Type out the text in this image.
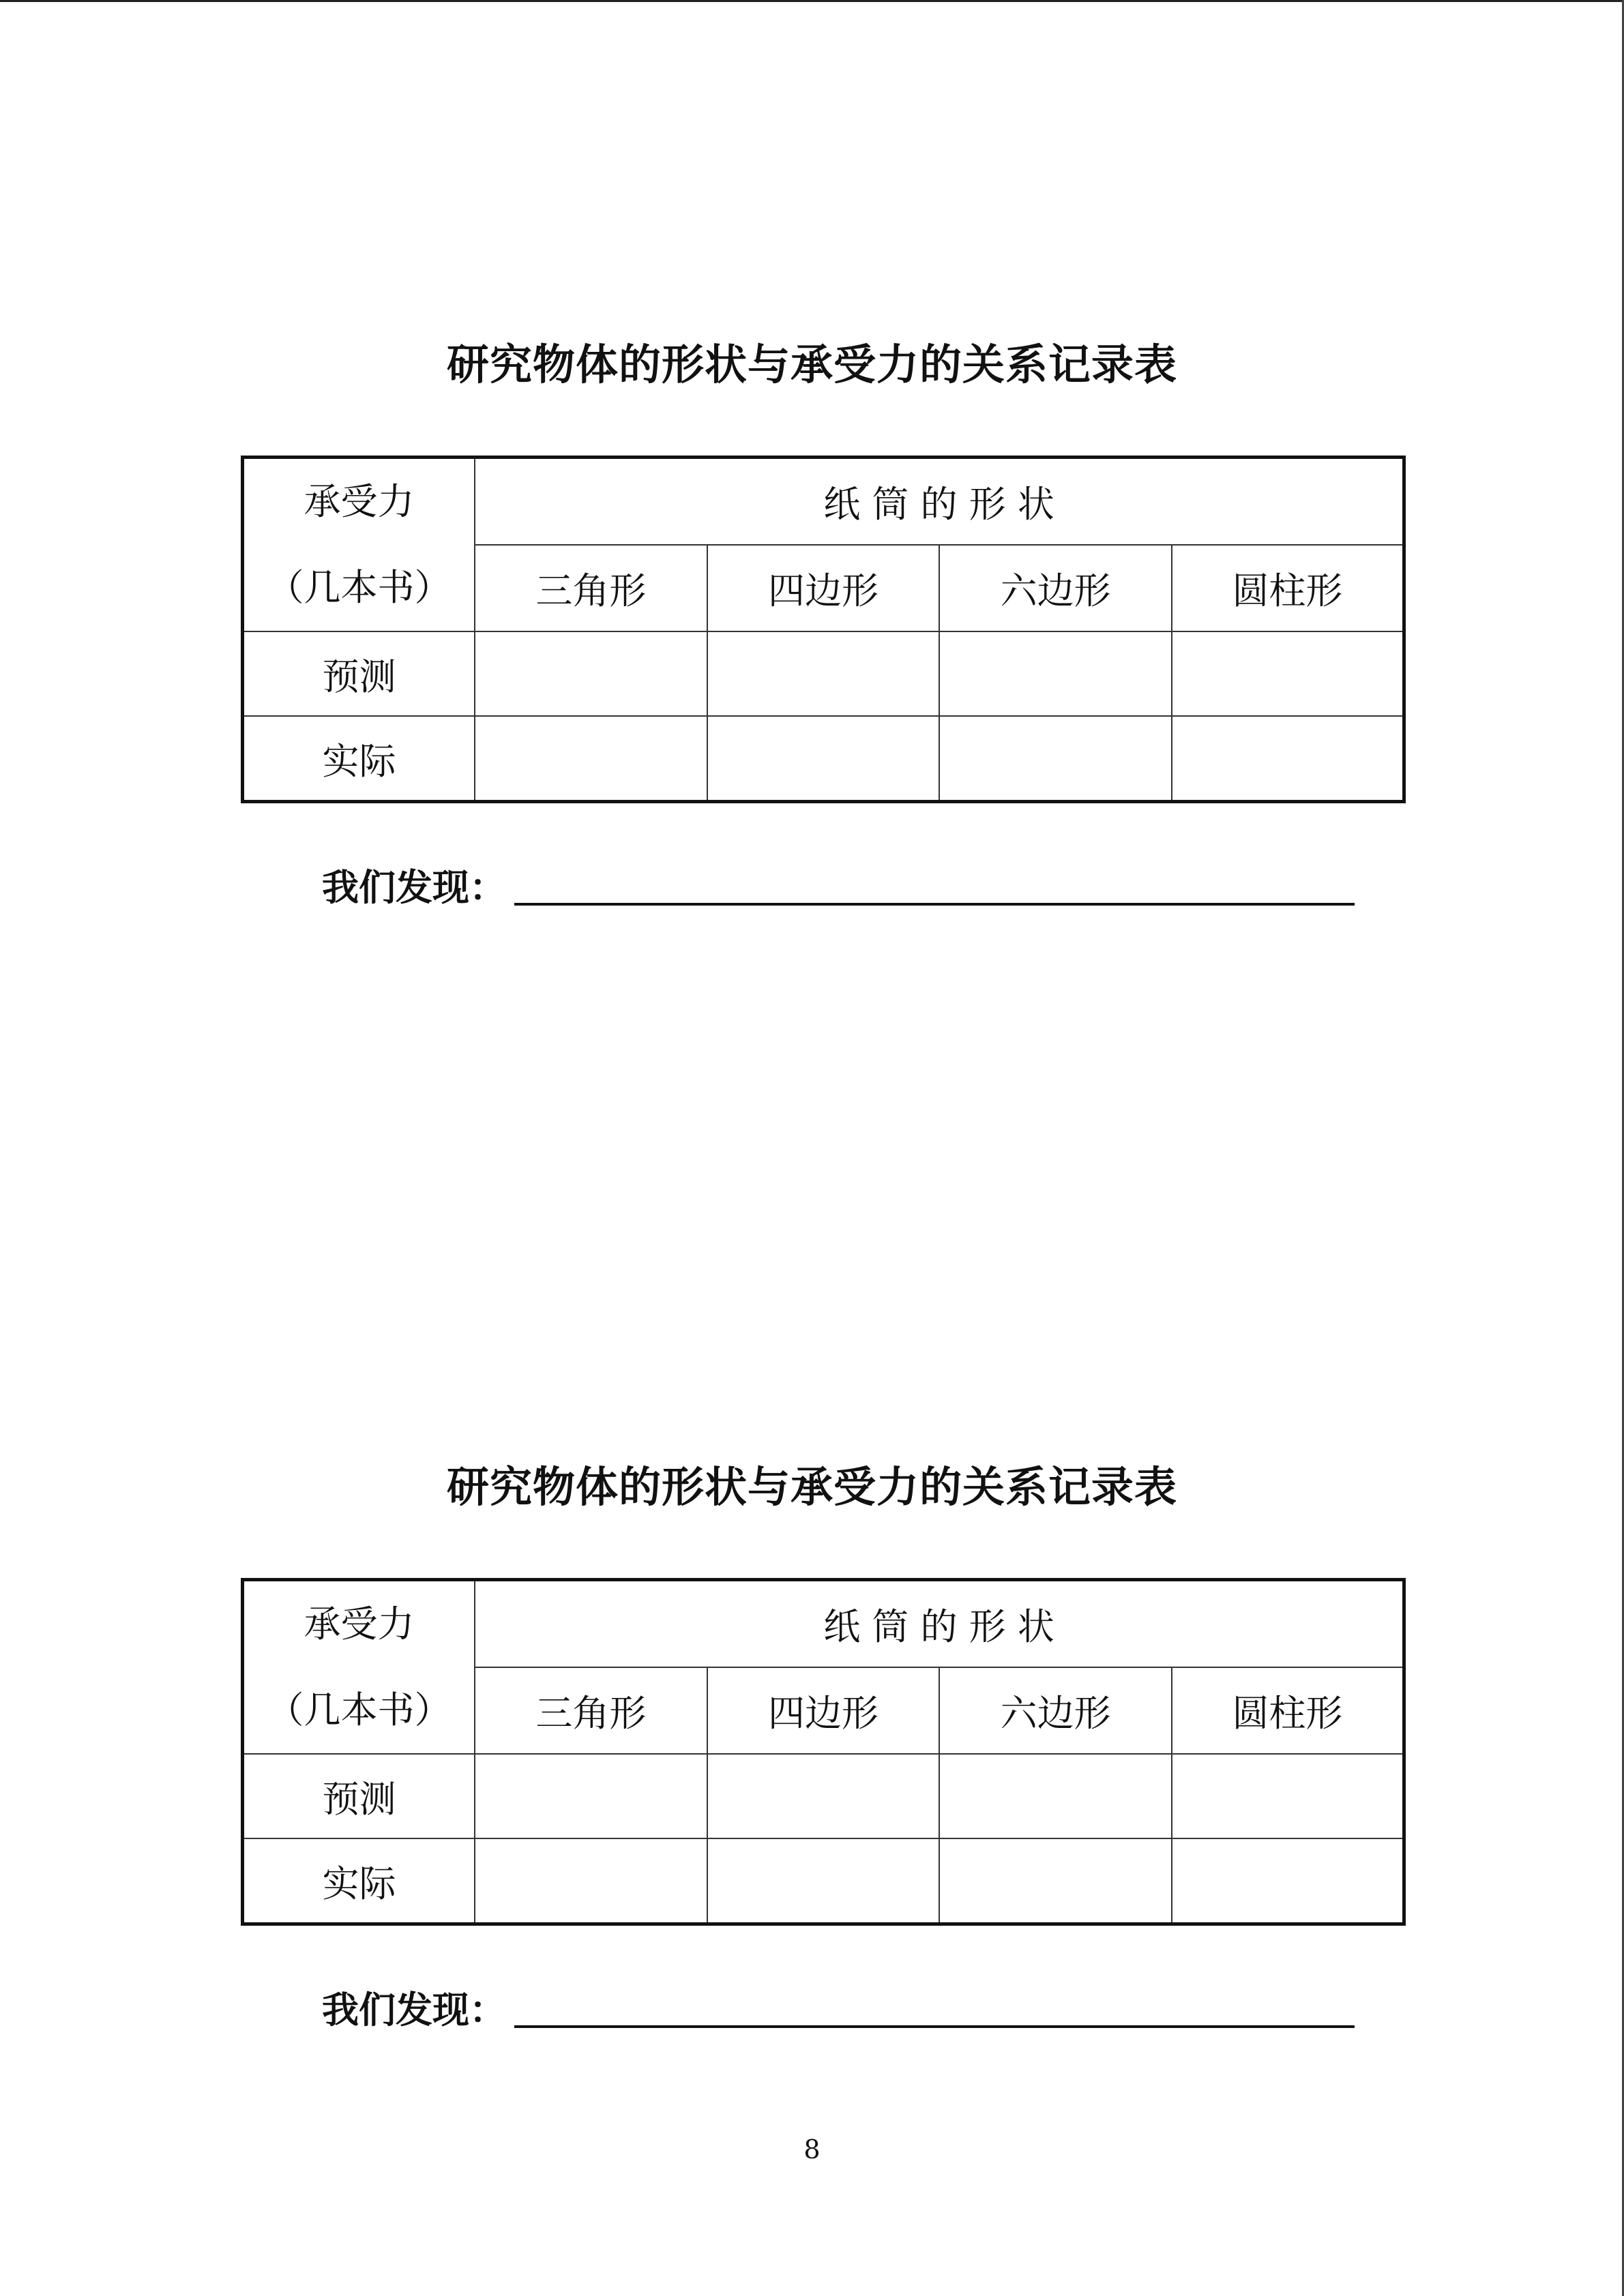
研究物体的形状与承受力的关系记录表
承受力
（几本书）	纸 筒 的 形 状			
	三角形	四边形	六边形	圆柱形
预测				
实际				
我们发现：
研究物体的形状与承受力的关系记录表
承受力
（几本书）	纸 筒 的 形 状			
	三角形	四边形	六边形	圆柱形
预测				
实际				
我们发现：
8
